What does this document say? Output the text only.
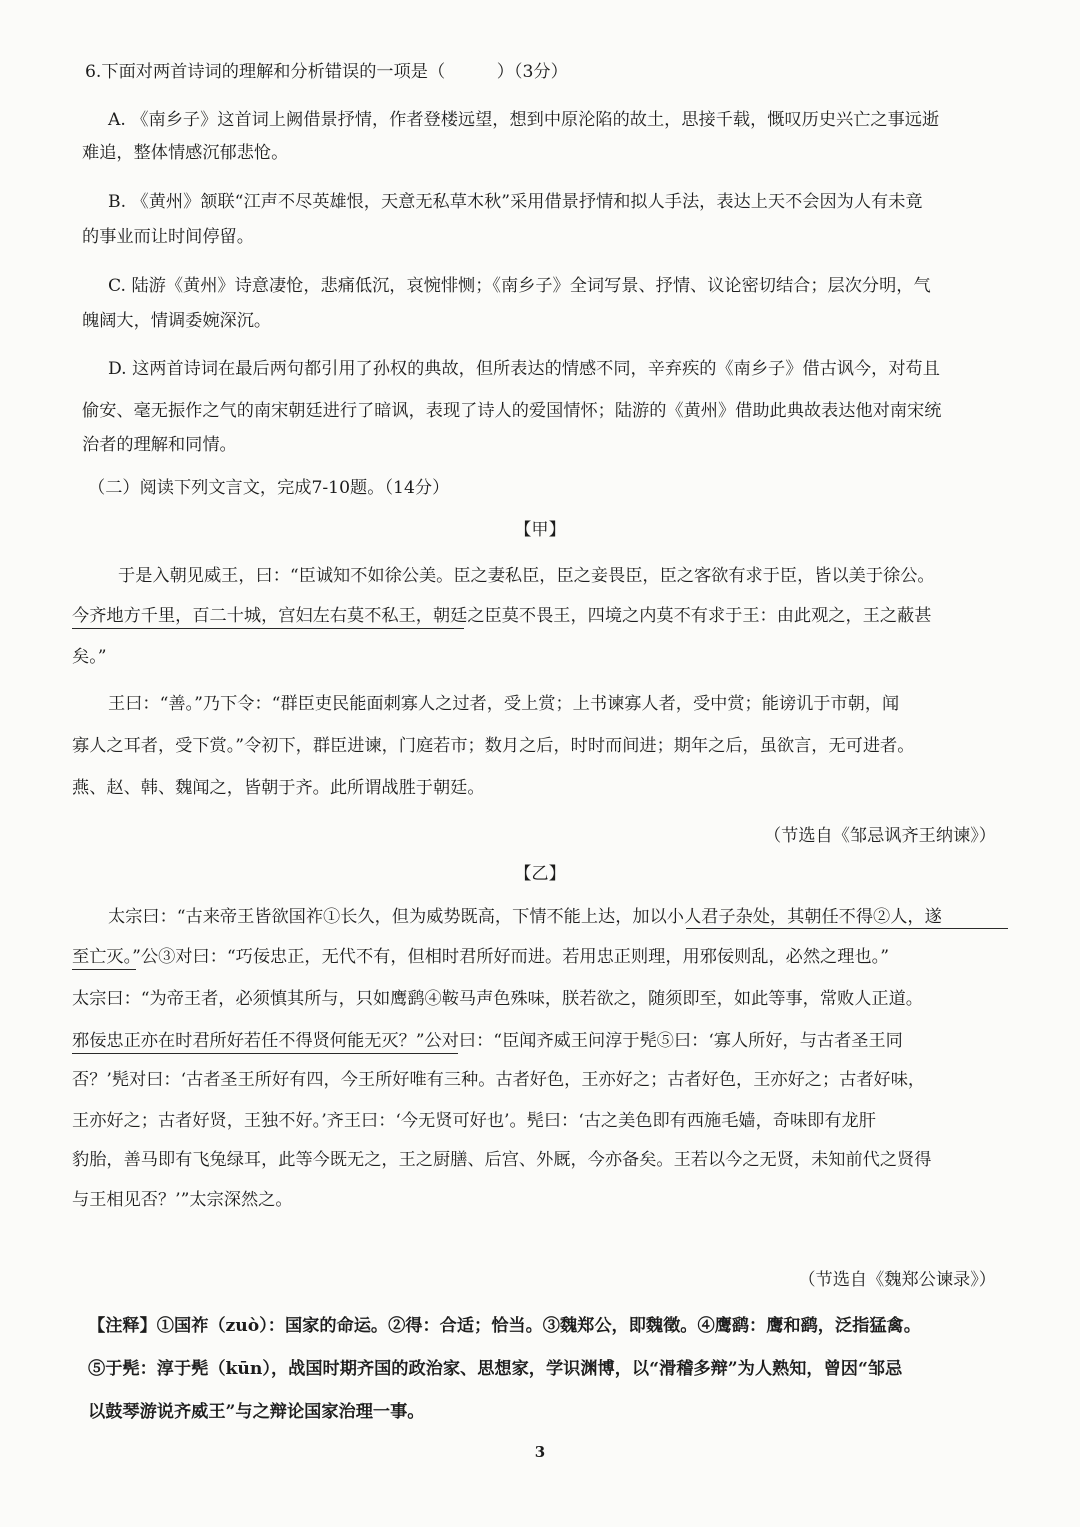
6.下面对两首诗词的理解和分析错误的一项是（　　　）（3分）
A. 《南乡子》这首词上阙借景抒情，作者登楼远望，想到中原沦陷的故土，思接千载，慨叹历史兴亡之事远逝
难追，整体情感沉郁悲怆。
B. 《黄州》颔联“江声不尽英雄恨，天意无私草木秋”采用借景抒情和拟人手法，表达上天不会因为人有未竟
的事业而让时间停留。
C. 陆游《黄州》诗意凄怆，悲痛低沉，哀惋悱恻；《南乡子》全词写景、抒情、议论密切结合；层次分明，气
魄阔大，情调委婉深沉。
D. 这两首诗词在最后两句都引用了孙权的典故，但所表达的情感不同，辛弃疾的《南乡子》借古讽今，对苟且
偷安、毫无振作之气的南宋朝廷进行了暗讽，表现了诗人的爱国情怀；陆游的《黄州》借助此典故表达他对南宋统
治者的理解和同情。
（二）阅读下列文言文，完成7-10题。（14分）
【甲】
于是入朝见威王，曰：“臣诚知不如徐公美。臣之妻私臣，臣之妾畏臣，臣之客欲有求于臣，皆以美于徐公。
今齐地方千里，百二十城，宫妇左右莫不私王，朝廷之臣莫不畏王，四境之内莫不有求于王：由此观之，王之蔽甚
矣。”
王曰：“善。”乃下令：“群臣吏民能面刺寡人之过者，受上赏；上书谏寡人者，受中赏；能谤讥于市朝，闻
寡人之耳者，受下赏。”令初下，群臣进谏，门庭若市；数月之后，时时而间进；期年之后，虽欲言，无可进者。
燕、赵、韩、魏闻之，皆朝于齐。此所谓战胜于朝廷。
（节选自《邹忌讽齐王纳谏》）
【乙】
太宗曰：“古来帝王皆欲国祚①长久，但为威势既高，下情不能上达，加以小人君子杂处，其朝任不得②人，遂
至亡灭。”公③对曰：“巧佞忠正，无代不有，但相时君所好而进。若用忠正则理，用邪佞则乱，必然之理也。”
太宗曰：“为帝王者，必须慎其所与，只如鹰鹞④鞍马声色殊味，朕若欲之，随须即至，如此等事，常败人正道。
邪佞忠正亦在时君所好若任不得贤何能无灭？”公对曰：“臣闻齐威王问淳于髡⑤曰：‘寡人所好，与古者圣王同
否？’髡对曰：‘古者圣王所好有四，今王所好唯有三种。古者好色，王亦好之；古者好色，王亦好之；古者好味，
王亦好之；古者好贤，王独不好。’齐王曰：‘今无贤可好也’。髡曰：‘古之美色即有西施毛嫱，奇味即有龙肝
豹胎，善马即有飞兔绿耳，此等今既无之，王之厨膳、后宫、外厩，今亦备矣。王若以今之无贤，未知前代之贤得
与王相见否？’”太宗深然之。
（节选自《魏郑公谏录》）
【注释】①国祚（zuò）：国家的命运。②得：合适；恰当。③魏郑公，即魏徵。④鹰鹞：鹰和鹞，泛指猛禽。
⑤于髡：淳于髡（kūn），战国时期齐国的政治家、思想家，学识渊博，以“滑稽多辩”为人熟知，曾因“邹忌
以鼓琴游说齐威王”与之辩论国家治理一事。
3
